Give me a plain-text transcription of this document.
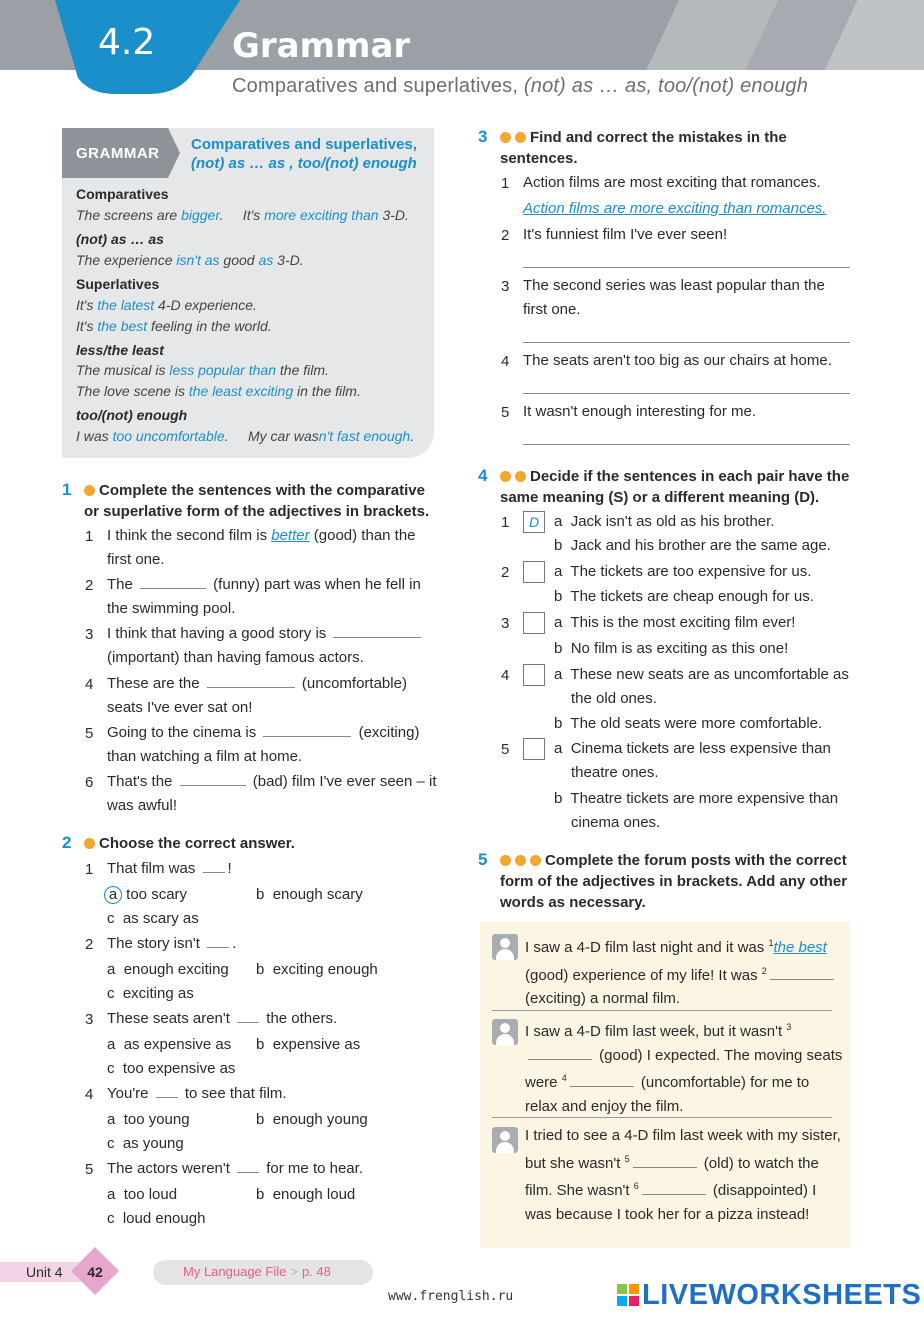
4.2 Grammar
Comparatives and superlatives, (not) as … as, too/(not) enough
GRAMMAR
Comparatives and superlatives,
(not) as … as , too/(not) enough
Comparatives
The screens are bigger.     It's more exciting than 3-D.
(not) as … as
The experience isn't as good as 3-D.
Superlatives
It's the latest 4-D experience.
It's the best feeling in the world.
less/the least
The musical is less popular than the film.
The love scene is the least exciting in the film.
too/(not) enough
I was too uncomfortable.     My car wasn't fast enough.
1	Complete the sentences with the comparative or superlative form of the adjectives in brackets.
1 I think the second film is better (good) than the first one.
2 The	(funny) part was when he fell in the swimming pool.
3 I think that having a good story is (important) than having famous actors.
4 These are the	(uncomfortable) seats I've ever sat on!
5 Going to the cinema is	(exciting) than watching a film at home.
6 That's the	(bad) film I've ever seen – it was awful!
2	Choose the correct answer.
1 That film was !
a too scary	b enough scary
c as scary as
2 The story isn't .
a enough exciting b exciting enough
c exciting as
3 These seats aren't  the others.
a as expensive as b expensive as
c too expensive as
4 You're  to see that film.
a too young	b enough young
c as young
5 The actors weren't  for me to hear.
a too loud	b enough loud
c loud enough
3	Find and correct the mistakes in the sentences.
1 Action films are most exciting that romances.
Action films are more exciting than romances.
2 It's funniest film I've ever seen!
3 The second series was least popular than the first one.
4 The seats aren't too big as our chairs at home.
5 It wasn't enough interesting for me.
4	Decide if the sentences in each pair have the same meaning (S) or a different meaning (D).
1	D a  Jack isn't as old as his brother.
b  Jack and his brother are the same age.
2	a  The tickets are too expensive for us.
b  The tickets are cheap enough for us.
3	a  This is the most exciting film ever!
b  No film is as exciting as this one!
4	a  These new seats are as uncomfortable as the old ones.
b  The old seats were more comfortable.
5	a  Cinema tickets are less expensive than theatre ones.
b  Theatre tickets are more expensive than cinema ones.
5	Complete the forum posts with the correct form of the adjectives in brackets. Add any other words as necessary.
I saw a 4-D film last night and it was $^1$the best (good) experience of my life! It was $^2$ (exciting) a normal film.
I saw a 4-D film last week, but it wasn't $^3$ (good) I expected. The moving seats were $^4$	(uncomfortable) for me to relax and enjoy the film.
I tried to see a 4-D film last week with my sister, but she wasn't $^5$	(old) to watch the film. She wasn't $^6$	(disappointed) I was because I took her for a pizza instead!
Unit 4 42	My Language File > p. 48
www.frenglish.ru	LIVEWORKSHEETS
